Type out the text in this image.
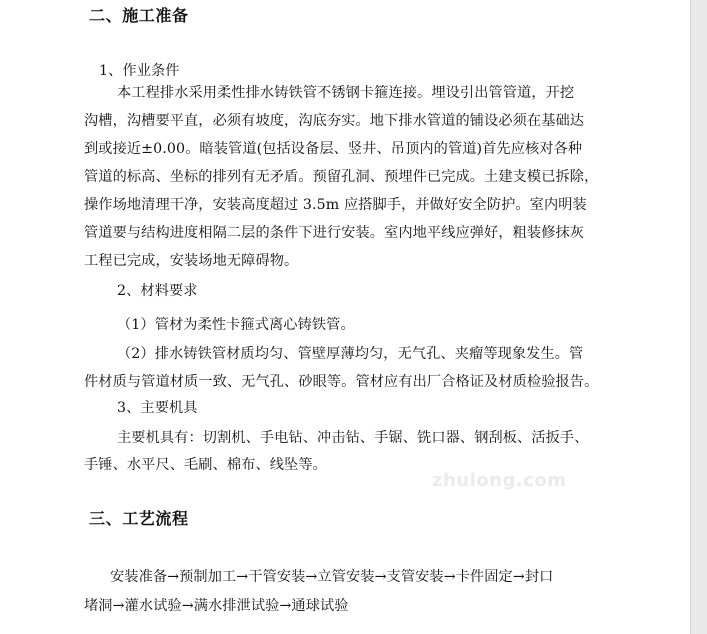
zhulong.com
二、施工准备
1、作业条件
本工程排水采用柔性排水铸铁管不锈钢卡箍连接。埋设引出管管道，开挖
沟槽，沟槽要平直，必须有坡度，沟底夯实。地下排水管道的铺设必须在基础达
到或接近±0.00。暗装管道(包括设备层、竖井、吊顶内的管道)首先应核对各种
管道的标高、坐标的排列有无矛盾。预留孔洞、预埋件已完成。土建支模已拆除，
操作场地清理干净，安装高度超过 3.5m 应搭脚手，并做好安全防护。室内明装
管道要与结构进度相隔二层的条件下进行安装。室内地平线应弹好，粗装修抹灰
工程已完成，安装场地无障碍物。
2、材料要求
（1）管材为柔性卡箍式离心铸铁管。
（2）排水铸铁管材质均匀、管壁厚薄均匀，无气孔、夹瘤等现象发生。管
件材质与管道材质一致、无气孔、砂眼等。管材应有出厂合格证及材质检验报告。
3、主要机具
主要机具有：切割机、手电钻、冲击钻、手锯、铣口器、钢刮板、活扳手、
手锤、水平尺、毛刷、棉布、线坠等。
三、工艺流程
安装准备→预制加工→干管安装→立管安装→支管安装→卡件固定→封口
堵洞→灌水试验→满水排泄试验→通球试验
